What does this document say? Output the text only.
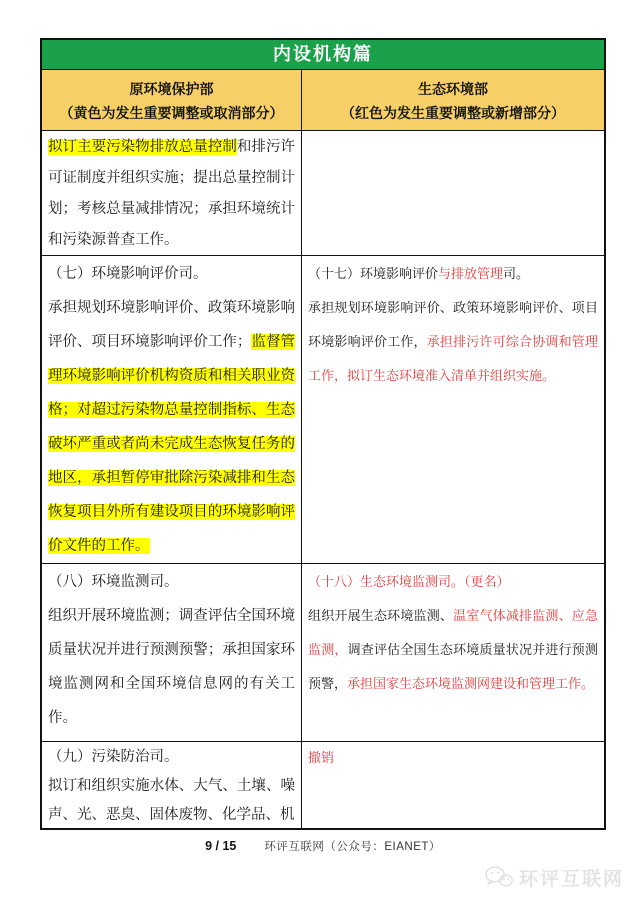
内设机构篇
原环境保护部
（黄色为发生重要调整或取消部分）
生态环境部
（红色为发生重要调整或新增部分）

拟订主要污染物排放总量控制和排污许可证制度并组织实施；提出总量控制计划；考核总量减排情况；承担环境统计和污染源普查工作。

（七）环境影响评价司。

承担规划环境影响评价、政策环境影响评价、项目环境影响评价工作；监督管理环境影响评价机构资质和相关职业资格；对超过污染物总量控制指标、生态破坏严重或者尚未完成生态恢复任务的地区，承担暂停审批除污染减排和生态恢复项目外所有建设项目的环境影响评价文件的工作。

（十七）环境影响评价与排放管理司。

承担规划环境影响评价、政策环境影响评价、项目环境影响评价工作，承担排污许可综合协调和管理工作，拟订生态环境准入清单并组织实施。

（八）环境监测司。

组织开展环境监测；调查评估全国环境质量状况并进行预测预警；承担国家环境监测网和全国环境信息网的有关工作。

（十八）生态环境监测司。（更名）

组织开展生态环境监测、温室气体减排监测、应急监测，调查评估全国生态环境质量状况并进行预测预警，承担国家生态环境监测网建设和管理工作。

（九）污染防治司。

拟订和组织实施水体、大气、土壤、噪声、光、恶臭、固体废物、化学品、机

撤销

9 / 15 环评互联网（公众号：EIANET）
环评互联网
